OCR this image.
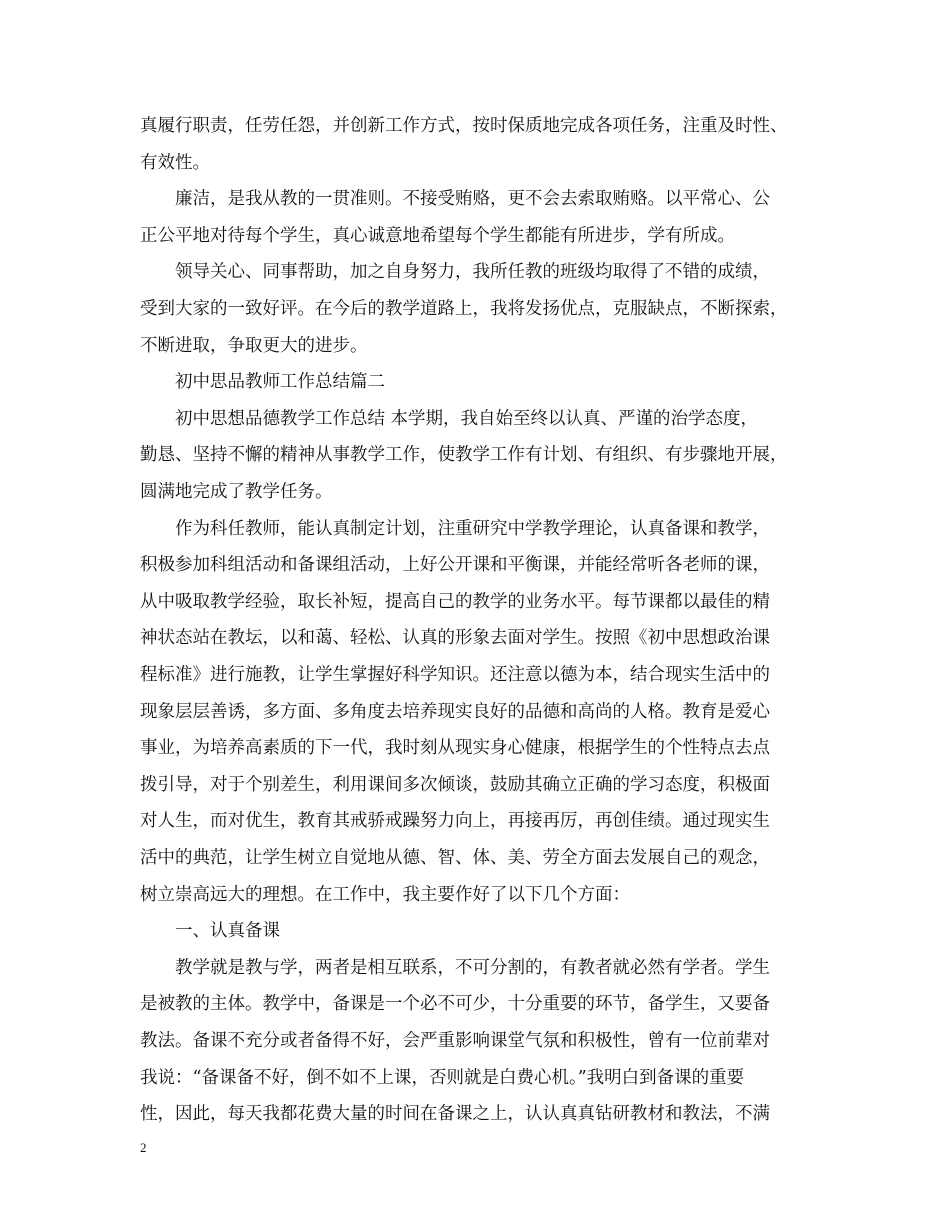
真履行职责，任劳任怨，并创新工作方式，按时保质地完成各项任务，注重及时性、
有效性。
　　廉洁，是我从教的一贯准则。不接受贿赂，更不会去索取贿赂。以平常心、公
正公平地对待每个学生，真心诚意地希望每个学生都能有所进步，学有所成。
　　领导关心、同事帮助，加之自身努力，我所任教的班级均取得了不错的成绩，
受到大家的一致好评。在今后的教学道路上，我将发扬优点，克服缺点，不断探索，
不断进取，争取更大的进步。
　　初中思品教师工作总结篇二
　　初中思想品德教学工作总结 本学期，我自始至终以认真、严谨的治学态度，
勤恳、坚持不懈的精神从事教学工作，使教学工作有计划、有组织、有步骤地开展，
圆满地完成了教学任务。
　　作为科任教师，能认真制定计划，注重研究中学教学理论，认真备课和教学，
积极参加科组活动和备课组活动，上好公开课和平衡课，并能经常听各老师的课，
从中吸取教学经验，取长补短，提高自己的教学的业务水平。每节课都以最佳的精
神状态站在教坛，以和蔼、轻松、认真的形象去面对学生。按照《初中思想政治课
程标准》进行施教，让学生掌握好科学知识。还注意以德为本，结合现实生活中的
现象层层善诱，多方面、多角度去培养现实良好的品德和高尚的人格。教育是爱心
事业，为培养高素质的下一代，我时刻从现实身心健康，根据学生的个性特点去点
拨引导，对于个别差生，利用课间多次倾谈，鼓励其确立正确的学习态度，积极面
对人生，而对优生，教育其戒骄戒躁努力向上，再接再厉，再创佳绩。通过现实生
活中的典范，让学生树立自觉地从德、智、体、美、劳全方面去发展自己的观念，
树立崇高远大的理想。在工作中，我主要作好了以下几个方面：
　　一、认真备课
　　教学就是教与学，两者是相互联系，不可分割的，有教者就必然有学者。学生
是被教的主体。教学中，备课是一个必不可少，十分重要的环节，备学生，又要备
教法。备课不充分或者备得不好，会严重影响课堂气氛和积极性，曾有一位前辈对
我说：“备课备不好，倒不如不上课，否则就是白费心机。”我明白到备课的重要
性，因此，每天我都花费大量的时间在备课之上，认认真真钻研教材和教法，不满
2
